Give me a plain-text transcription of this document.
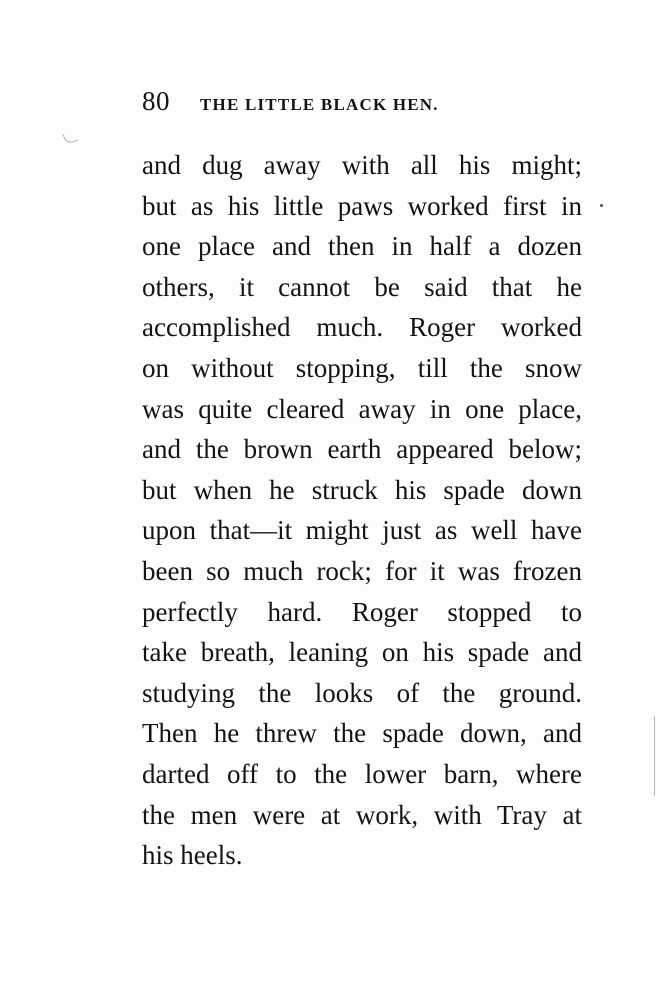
80 THE LITTLE BLACK HEN.
and dug away with all his might;
but as his little paws worked first in
one place and then in half a dozen
others, it cannot be said that he
accomplished much. Roger worked
on without stopping, till the snow
was quite cleared away in one place,
and the brown earth appeared below;
but when he struck his spade down
upon that—it might just as well have
been so much rock; for it was frozen
perfectly hard. Roger stopped to
take breath, leaning on his spade and
studying the looks of the ground.
Then he threw the spade down, and
darted off to the lower barn, where
the men were at work, with Tray at
his heels.
